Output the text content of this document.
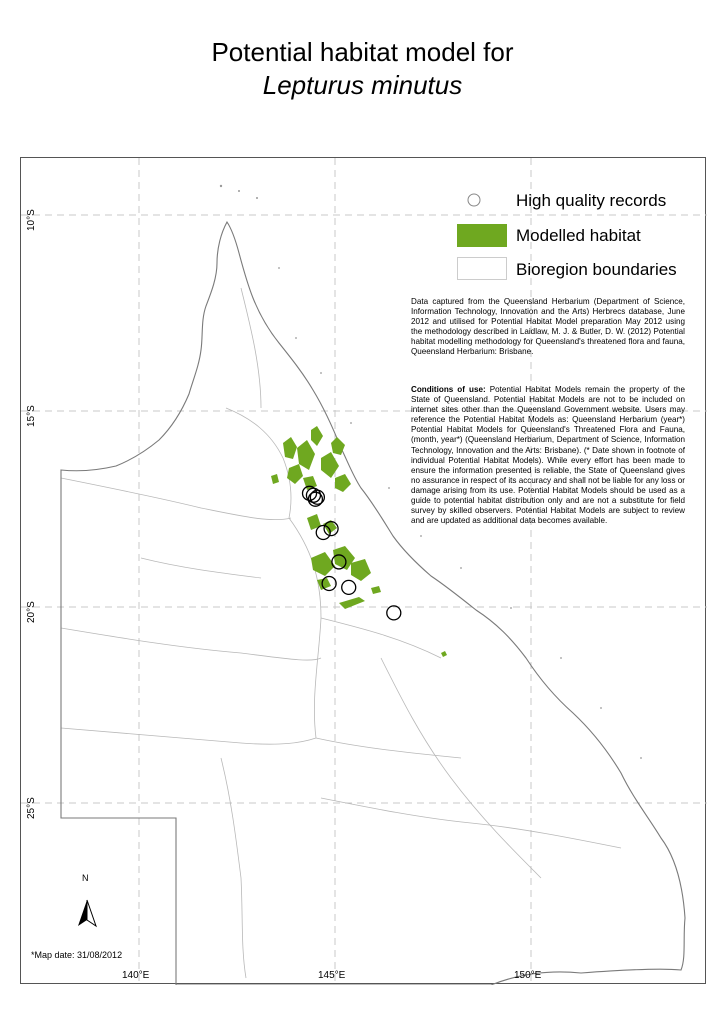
Potential habitat model for
Lepturus minutus
10°S
15°S
20°S
25°S
140°E	145°E	150°E
High quality records
Modelled habitat
Bioregion boundaries
Data captured from the Queensland Herbarium (Department of Science, Information Technology, Innovation and the Arts) Herbrecs database, June 2012 and utilised for Potential Habitat Model preparation May 2012 using the methodology described in Laidlaw, M. J. & Butler, D. W. (2012) Potential habitat modelling methodology for Queensland's threatened flora and fauna, Queensland Herbarium: Brisbane.
Conditions of use: Potential Habitat Models remain the property of the State of Queensland. Potential Habitat Models are not to be included on internet sites other than the Queensland Government website. Users may reference the Potential Habitat Models as: Queensland Herbarium (year*) Potential Habitat Models for Queensland's Threatened Flora and Fauna, (month, year*) (Queensland Herbarium, Department of Science, Information Technology, Innovation and the Arts: Brisbane). (* Date shown in footnote of individual Potential Habitat Models). While every effort has been made to ensure the information presented is reliable, the State of Queensland gives no assurance in respect of its accuracy and shall not be liable for any loss or damage arising from its use. Potential Habitat Models should be used as a guide to potential habitat distribution only and are not a substitute for field survey by skilled observers. Potential Habitat Models are subject to review and are updated as additional data becomes available.
N
*Map date: 31/08/2012
